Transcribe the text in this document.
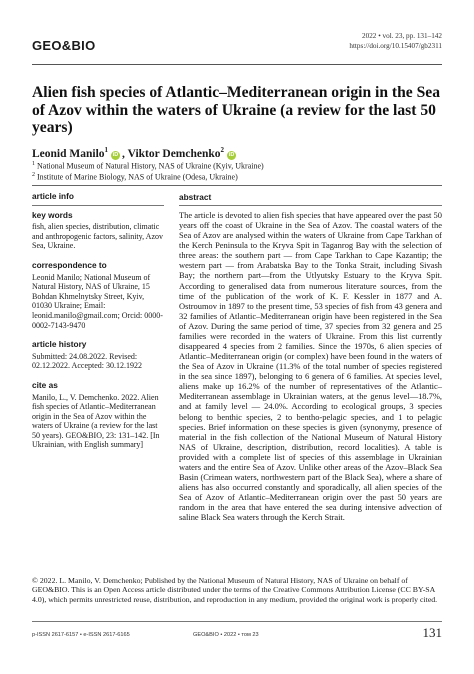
GEO&BIO
2022 • vol. 23, pp. 131–142
https://doi.org/10.15407/gb2311
Alien fish species of Atlantic–Mediterranean origin in the Sea of Azov within the waters of Ukraine (a review for the last 50 years)
Leonid Manilo$^1$iD , Viktor Demchenko$^2$iD
$^1$ National Museum of Natural History, NAS of Ukraine (Kyiv, Ukraine)
$^2$ Institute of Marine Biology, NAS of Ukraine (Odesa, Ukraine)
article info
key words

fish, alien species, distribution, climatic and anthropogenic factors, salinity, Azov Sea, Ukraine.

correspondence to

Leonid Manilo; National Museum of Natural History, NAS of Ukraine, 15 Bohdan Khmelnytsky Street, Kyiv, 01030 Ukraine; Email: leonid.manilo@gmail.com; Orcid: 0000-0002-7143-9470

article history

Submitted: 24.08.2022. Revised: 02.12.2022. Accepted: 30.12.1922

cite as

Manilo, L., V. Demchenko. 2022. Alien fish species of Atlantic–Mediterranean origin in the Sea of Azov within the waters of Ukraine (a review for the last 50 years). GEO&BIO, 23: 131–142. [In Ukrainian, with English summary]

abstract

The article is devoted to alien fish species that have appeared over the past 50 years off the coast of Ukraine in the Sea of Azov. The coastal waters of the Sea of Azov are analysed within the waters of Ukraine from Cape Tarkhan of the Kerch Peninsula to the Kryva Spit in Taganrog Bay with the selection of three areas: the southern part — from Cape Tarkhan to Cape Kazantip; the western part — from Arabatska Bay to the Tonka Strait, including Sivash Bay; the northern part—from the Utlyutsky Estuary to the Kryva Spit. According to generalised data from numerous literature sources, from the time of the publication of the work of K. F. Kessler in 1877 and A. Ostroumov in 1897 to the present time, 53 species of fish from 43 genera and 32 families of Atlantic–Mediterranean origin have been registered in the Sea of Azov. During the same period of time, 37 species from 32 genera and 25 families were recorded in the waters of Ukraine. From this list currently disappeared 4 species from 2 families. Since the 1970s, 6 alien species of Atlantic–Mediterranean origin (or complex) have been found in the waters of the Sea of Azov in Ukraine (11.3% of the total number of species registered in the sea since 1897), belonging to 6 genera of 6 families. At species level, aliens make up 16.2% of the number of representatives of the Atlantic–Mediterranean assemblage in Ukrainian waters, at the genus level—18.7%, and at family level — 24.0%. According to ecological groups, 3 species belong to benthic species, 2 to bentho-pelagic species, and 1 to pelagic species. Brief information on these species is given (synonymy, presence of material in the fish collection of the National Museum of Natural History NAS of Ukraine, description, distribution, record localities). A table is provided with a complete list of species of this assemblage in Ukrainian waters and the entire Sea of Azov. Unlike other areas of the Azov–Black Sea Basin (Crimean waters, northwestern part of the Black Sea), where a share of aliens has also occurred constantly and sporadically, all alien species of the Sea of Azov of Atlantic–Mediterranean origin over the past 50 years are random in the area that have entered the sea during intensive advection of saline Black Sea waters through the Kerch Strait.

© 2022. L. Manilo, V. Demchenko; Published by the National Museum of Natural History, NAS of Ukraine on behalf of GEO&BIO. This is an Open Access article distributed under the terms of the Creative Commons Attribution License (CC BY-SA 4.0), which permits unrestricted reuse, distribution, and reproduction in any medium, provided the original work is properly cited.

p-ISSN 2617-6157 • e-ISSN 2617-6165	GEO&BIO • 2022 • том 23	131
